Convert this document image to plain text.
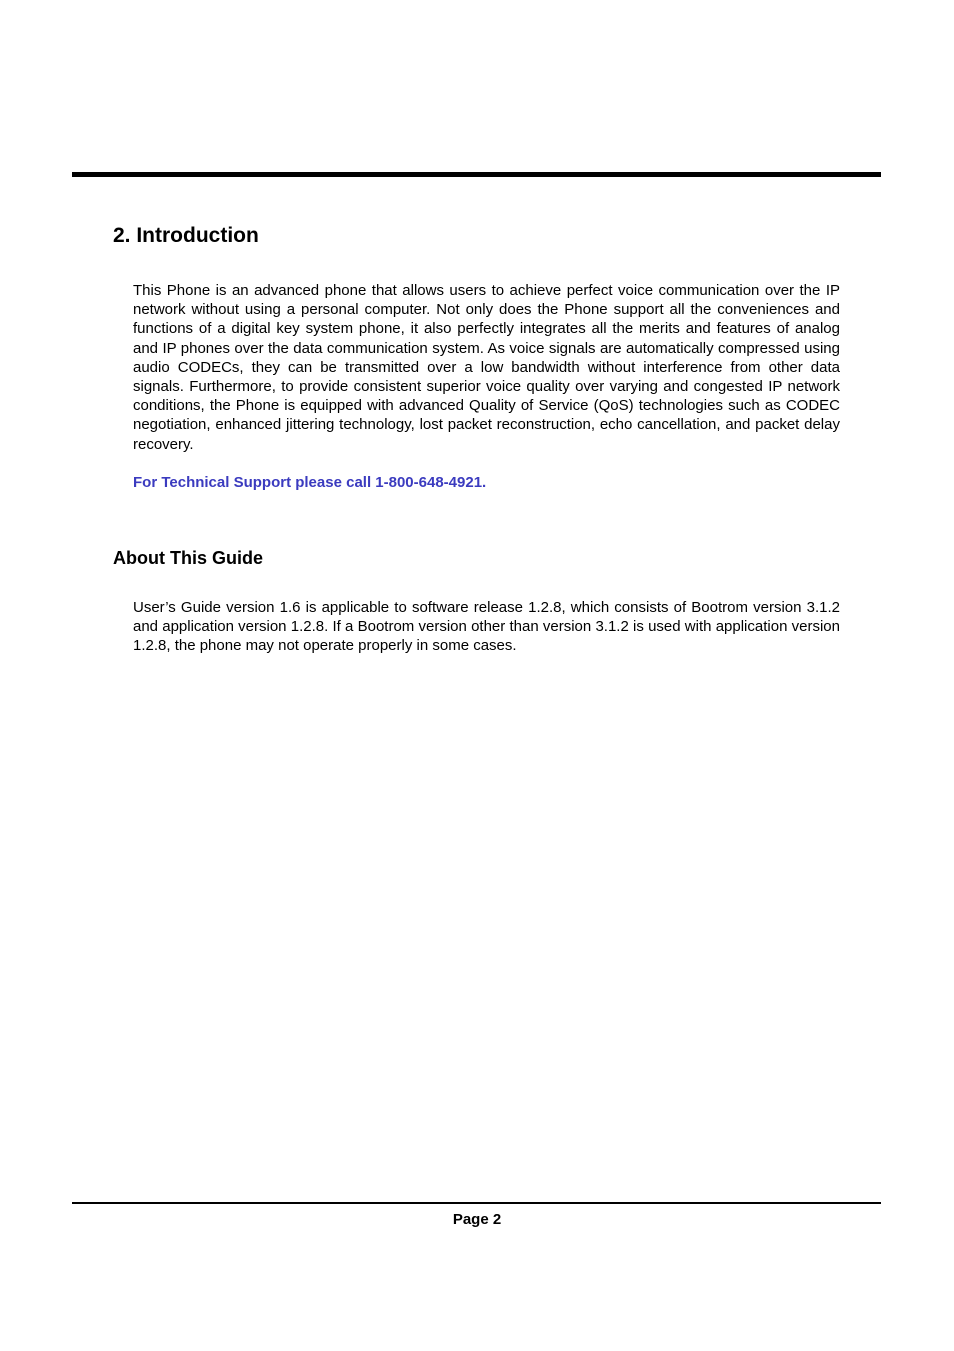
2. Introduction

This Phone is an advanced phone that allows users to achieve perfect voice communication over the IP network without using a personal computer. Not only does the Phone support all the conveniences and functions of a digital key system phone, it also perfectly integrates all the merits and features of analog and IP phones over the data communication system. As voice signals are automatically compressed using audio CODECs, they can be transmitted over a low bandwidth without interference from other data signals. Furthermore, to provide consistent superior voice quality over varying and congested IP network conditions, the Phone is equipped with advanced Quality of Service (QoS) technologies such as CODEC negotiation, enhanced jittering technology, lost packet reconstruction, echo cancellation, and packet delay recovery.

For Technical Support please call 1-800-648-4921.

About This Guide

User’s Guide version 1.6 is applicable to software release 1.2.8, which consists of Bootrom version 3.1.2 and application version 1.2.8. If a Bootrom version other than version 3.1.2 is used with application version 1.2.8, the phone may not operate properly in some cases.

Page 2
